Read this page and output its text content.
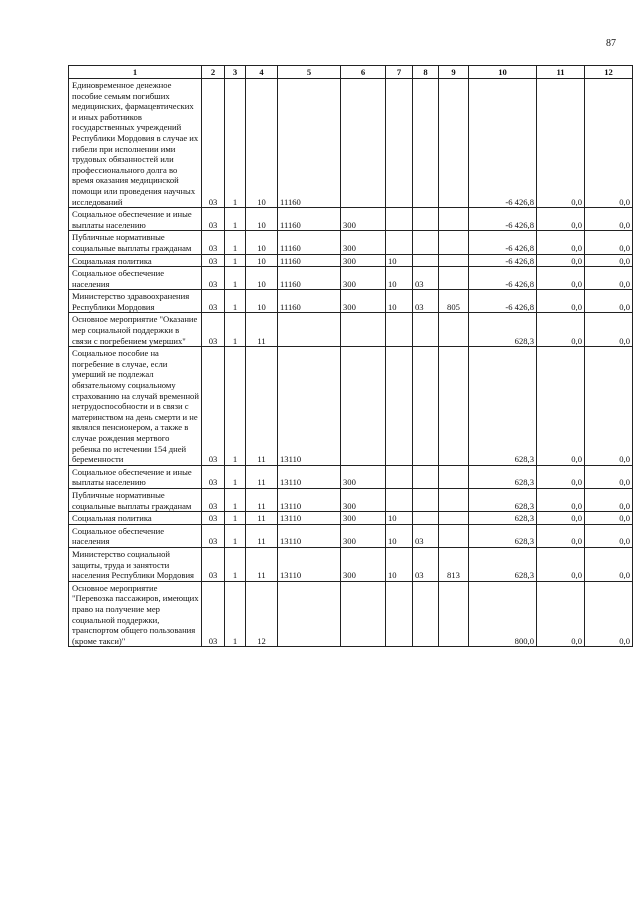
87
1	2	3	4	5	6	7	8	9	10	11	12
Единовременное денежное пособие семьям погибших медицинских, фармацевтических и иных работников государственных учреждений Республики Мордовия в случае их гибели при исполнении ими трудовых обязанностей или профессионального долга во время оказания медицинской помощи или проведения научных исследований	03	1	10	11160					-6 426,8	0,0	0,0
Социальное обеспечение и иные выплаты населению	03	1	10	11160	300				-6 426,8	0,0	0,0
Публичные нормативные социальные выплаты гражданам	03	1	10	11160	300				-6 426,8	0,0	0,0
Социальная политика	03	1	10	11160	300	10			-6 426,8	0,0	0,0
Социальное обеспечение населения	03	1	10	11160	300	10	03		-6 426,8	0,0	0,0
Министерство здравоохранения Республики Мордовия	03	1	10	11160	300	10	03	805	-6 426,8	0,0	0,0
Основное мероприятие "Оказание мер социальной поддержки в связи с погребением умерших"	03	1	11						628,3	0,0	0,0
Социальное пособие на погребение в случае, если умерший не подлежал обязательному социальному страхованию на случай временной нетрудоспособности и в связи с материнством на день смерти и не являлся пенсионером, а также в случае рождения мертвого ребенка по истечении 154 дней беременности	03	1	11	13110					628,3	0,0	0,0
Социальное обеспечение и иные выплаты населению	03	1	11	13110	300				628,3	0,0	0,0
Публичные нормативные социальные выплаты гражданам	03	1	11	13110	300				628,3	0,0	0,0
Социальная политика	03	1	11	13110	300	10			628,3	0,0	0,0
Социальное обеспечение населения	03	1	11	13110	300	10	03		628,3	0,0	0,0
Министерство социальной защиты, труда и занятости населения Республики Мордовия	03	1	11	13110	300	10	03	813	628,3	0,0	0,0
Основное мероприятие "Перевозка пассажиров, имеющих право на получение мер социальной поддержки, транспортом общего пользования (кроме такси)"	03	1	12						800,0	0,0	0,0
